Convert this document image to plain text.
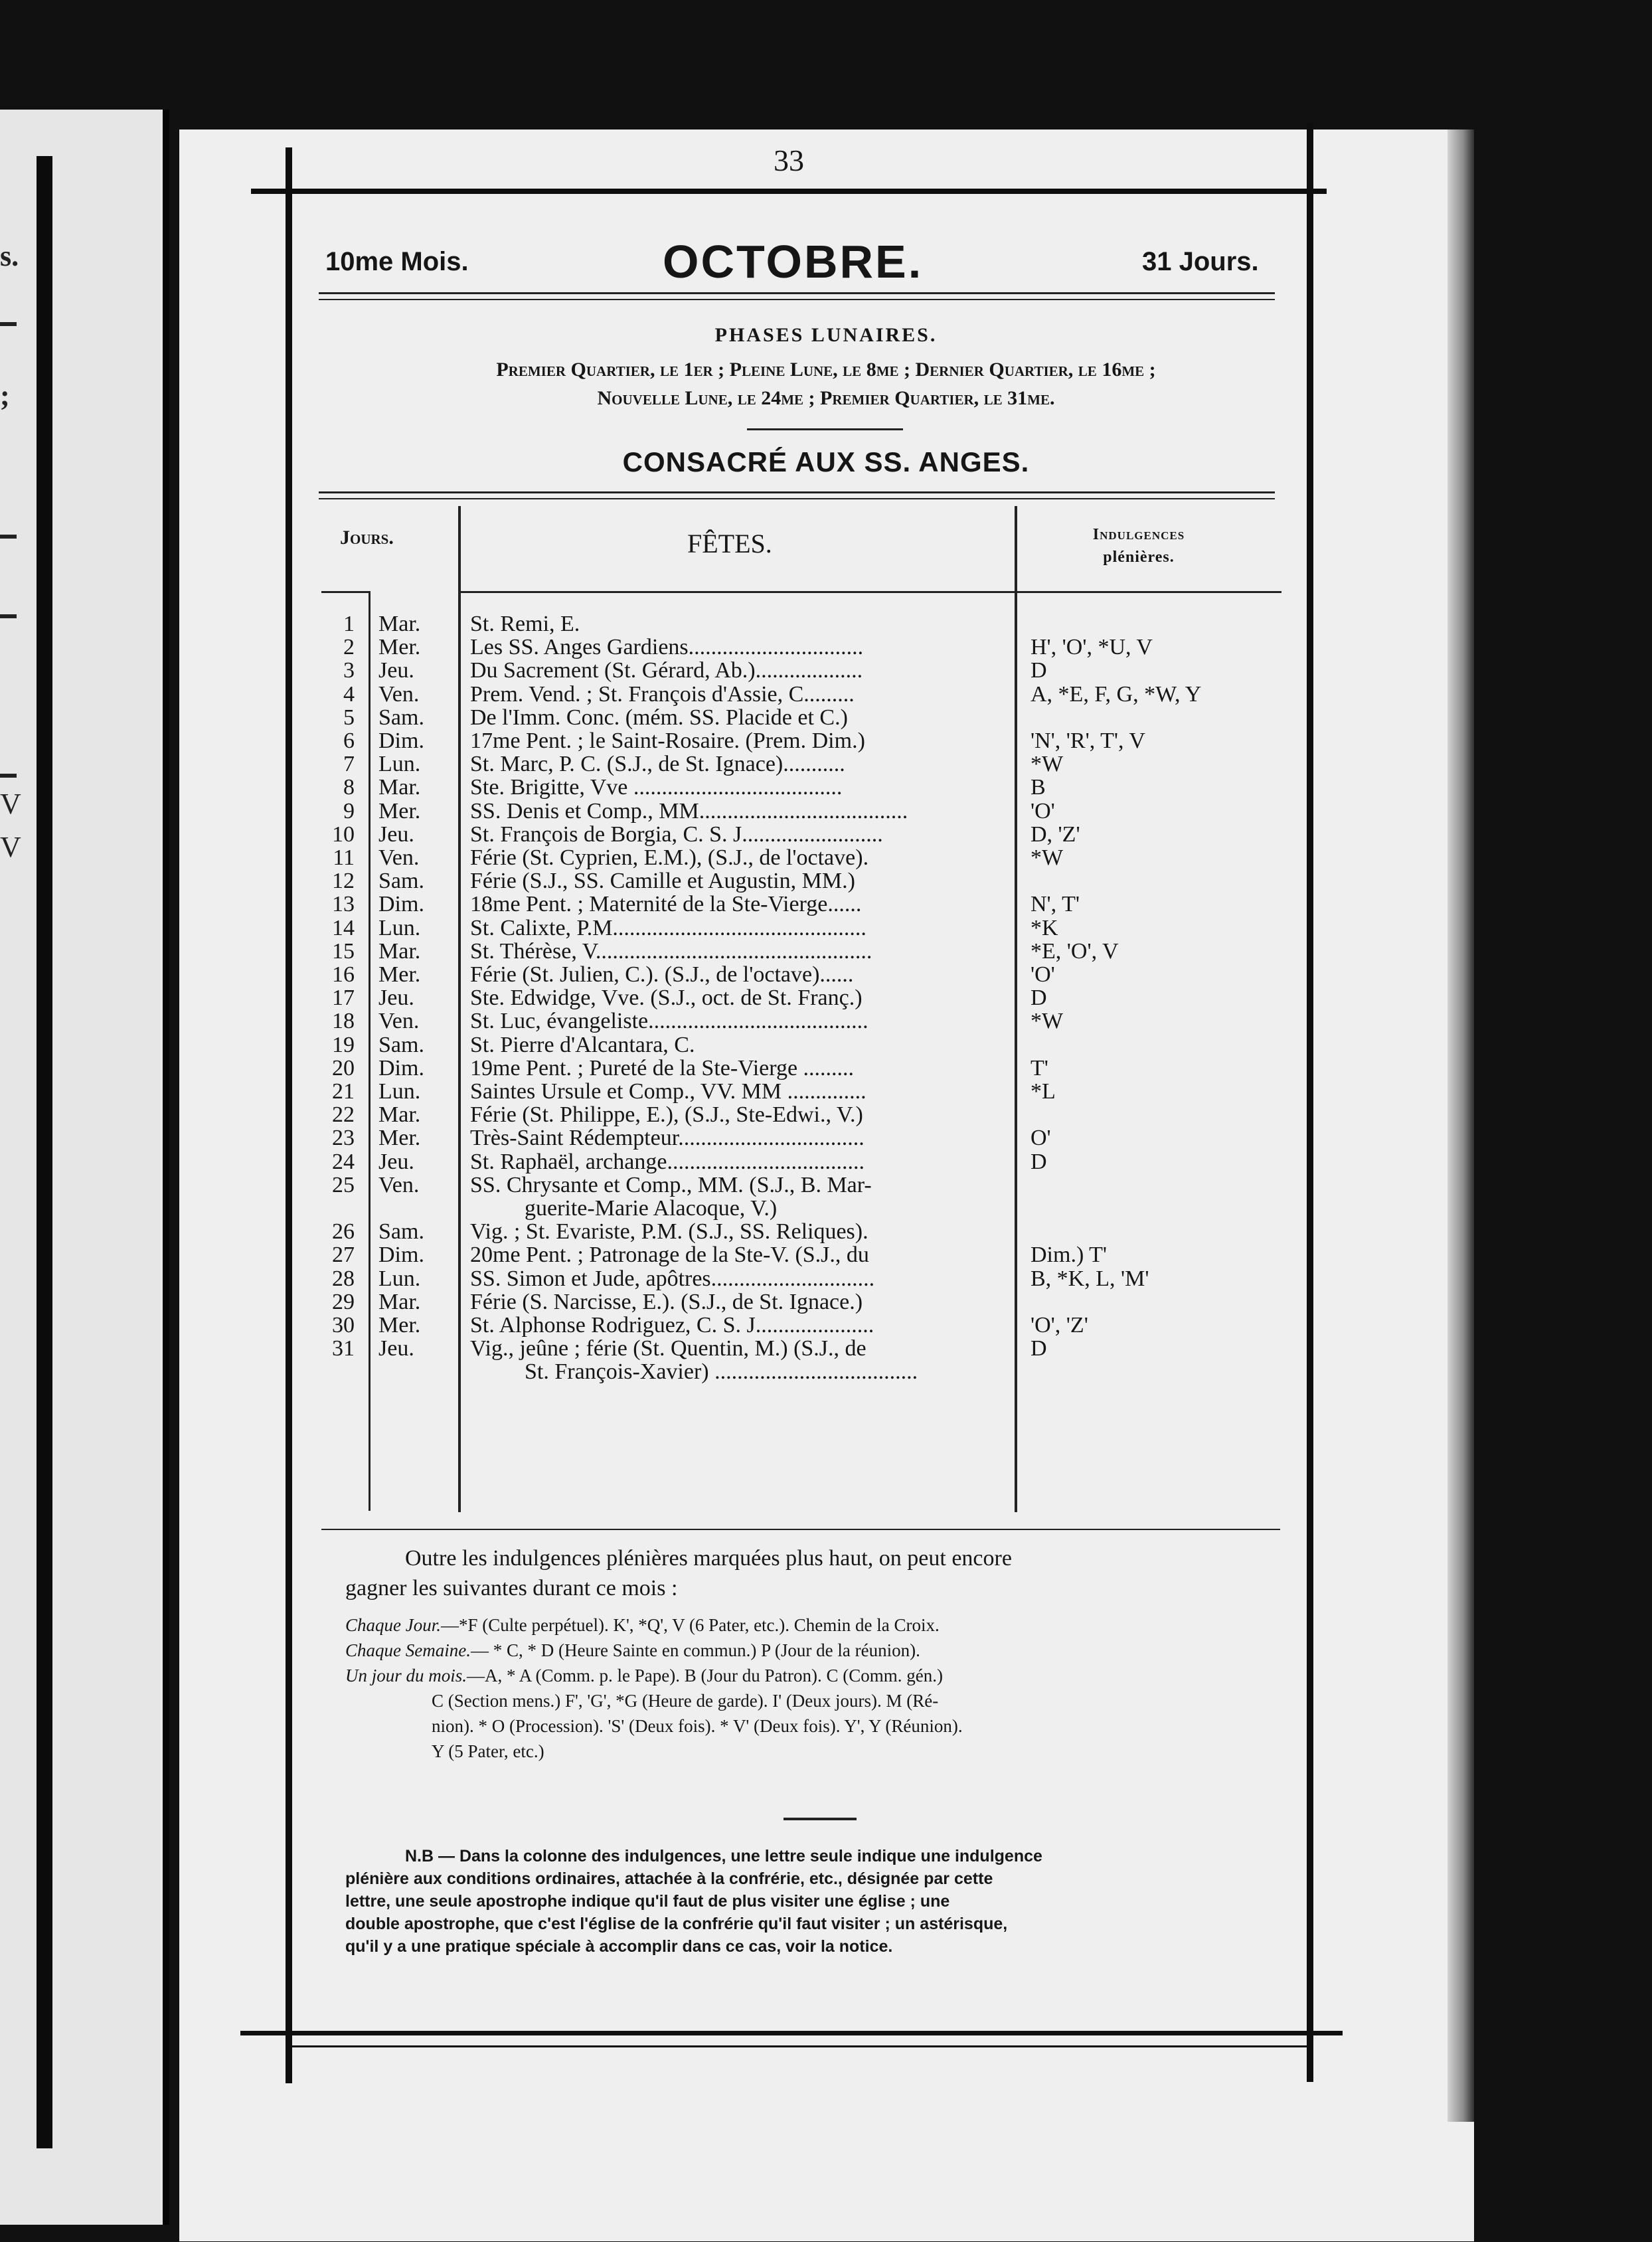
s.
;
V
V
33
10me Mois.	OCTOBRE.	31 Jours.
PHASES LUNAIRES.
Premier Quartier, le 1er ; Pleine Lune, le 8me ; Dernier Quartier, le 16me ;
Nouvelle Lune, le 24me ; Premier Quartier, le 31me.
CONSACRÉ AUX SS. ANGES.
Jours.	FÊTES.	Indulgences
plénières.
1 Mar.	St. Remi, E.
2 Mer.	Les SS. Anges Gardiens...............................	H', 'O', *U, V
3 Jeu.	Du Sacrement (St. Gérard, Ab.)...................	D
4 Ven.	Prem. Vend. ; St. François d'Assie, C.........	A, *E, F, G, *W, Y
5 Sam.	De l'Imm. Conc. (mém. SS. Placide et C.)
6 Dim.	17me Pent. ; le Saint-Rosaire. (Prem. Dim.)	'N', 'R', T', V
7 Lun.	St. Marc, P. C. (S.J., de St. Ignace)...........	*W
8 Mar.	Ste. Brigitte, Vve .....................................	B
9 Mer.	SS. Denis et Comp., MM.....................................	'O'
10 Jeu.	St. François de Borgia, C. S. J.........................	D, 'Z'
11 Ven.	Férie (St. Cyprien, E.M.), (S.J., de l'octave).	*W
12 Sam.	Férie (S.J., SS. Camille et Augustin, MM.)
13 Dim.	18me Pent. ; Maternité de la Ste-Vierge......	N', T'
14 Lun.	St. Calixte, P.M.............................................	*K
15 Mar.	St. Thérèse, V.................................................	*E, 'O', V
16 Mer.	Férie (St. Julien, C.). (S.J., de l'octave)......	'O'
17 Jeu.	Ste. Edwidge, Vve. (S.J., oct. de St. Franç.)	D
18 Ven.	St. Luc, évangeliste.......................................	*W
19 Sam.	St. Pierre d'Alcantara, C.
20 Dim.	19me Pent. ; Pureté de la Ste-Vierge .........	T'
21 Lun.	Saintes Ursule et Comp., VV. MM ..............	*L
22 Mar.	Férie (St. Philippe, E.), (S.J., Ste-Edwi., V.)
23 Mer.	Très-Saint Rédempteur.................................	O'
24 Jeu.	St. Raphaël, archange...................................	D
25 Ven.	SS. Chrysante et Comp., MM. (S.J., B. Mar-
guerite-Marie Alacoque, V.)
26 Sam.	Vig. ; St. Evariste, P.M. (S.J., SS. Reliques).
27 Dim.	20me Pent. ; Patronage de la Ste-V. (S.J., du	Dim.) T'
28 Lun.	SS. Simon et Jude, apôtres.............................	B, *K, L, 'M'
29 Mar.	Férie (S. Narcisse, E.). (S.J., de St. Ignace.)
30 Mer.	St. Alphonse Rodriguez, C. S. J.....................	'O', 'Z'
31 Jeu.	Vig., jeûne ; férie (St. Quentin, M.) (S.J., de	D
St. François-Xavier) ....................................
Outre les indulgences plénières marquées plus haut, on peut encore
gagner les suivantes durant ce mois :
Chaque Jour.—*F (Culte perpétuel). K', *Q', V (6 Pater, etc.). Chemin de la Croix.
Chaque Semaine.— * C, * D (Heure Sainte en commun.) P (Jour de la réunion).
Un jour du mois.—A, * A (Comm. p. le Pape). B (Jour du Patron). C (Comm. gén.)
C (Section mens.) F', 'G', *G (Heure de garde). I' (Deux jours). M (Ré-
nion). * O (Procession). 'S' (Deux fois). * V' (Deux fois). Y', Y (Réunion).
Y (5 Pater, etc.)
N.B — Dans la colonne des indulgences, une lettre seule indique une indulgence
plénière aux conditions ordinaires, attachée à la confrérie, etc., désignée par cette
lettre, une seule apostrophe indique qu'il faut de plus visiter une église ; une
double apostrophe, que c'est l'église de la confrérie qu'il faut visiter ; un astérisque,
qu'il y a une pratique spéciale à accomplir dans ce cas, voir la notice.
